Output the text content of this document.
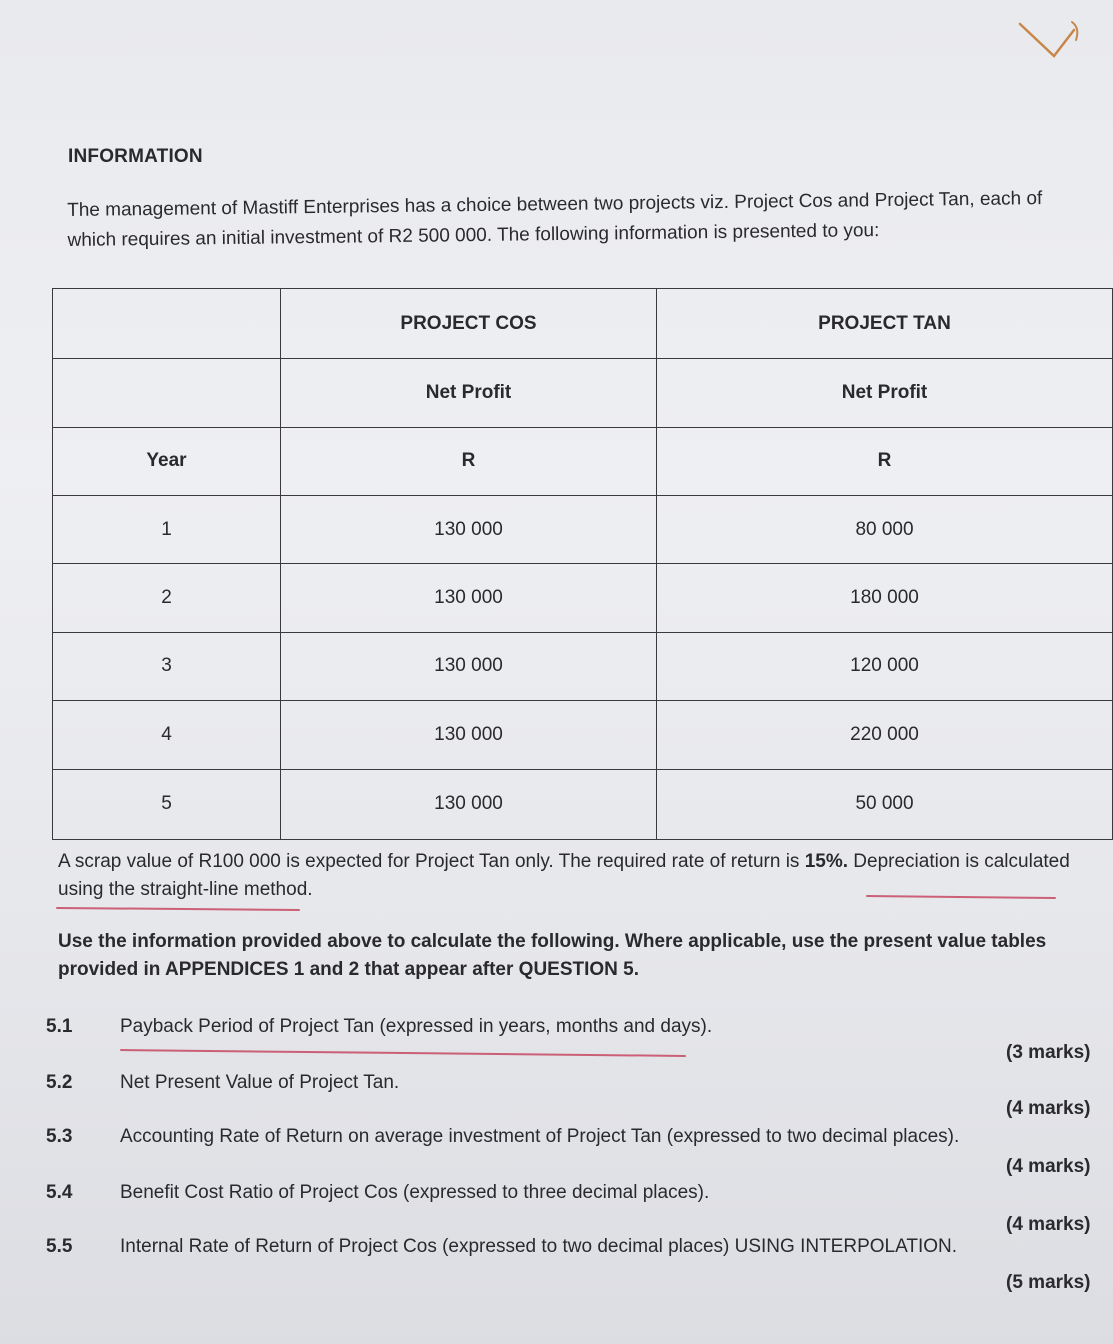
INFORMATION
The management of Mastiff Enterprises has a choice between two projects viz. Project Cos and Project Tan, each of
which requires an initial investment of R2 500 000. The following information is presented to you:
	PROJECT COS	PROJECT TAN
	Net Profit	Net Profit
Year	R	R
1	130 000	80 000
2	130 000	180 000
3	130 000	120 000
4	130 000	220 000
5	130 000	50 000
A scrap value of R100 000 is expected for Project Tan only. The required rate of return is 15%. Depreciation is calculated
using the straight-line method.
Use the information provided above to calculate the following. Where applicable, use the present value tables
provided in APPENDICES 1 and 2 that appear after QUESTION 5.
5.1	Payback Period of Project Tan (expressed in years, months and days).
(3 marks)
5.2	Net Present Value of Project Tan.
(4 marks)
5.3	Accounting Rate of Return on average investment of Project Tan (expressed to two decimal places).
(4 marks)
5.4	Benefit Cost Ratio of Project Cos (expressed to three decimal places).
(4 marks)
5.5	Internal Rate of Return of Project Cos (expressed to two decimal places) USING INTERPOLATION.
(5 marks)
